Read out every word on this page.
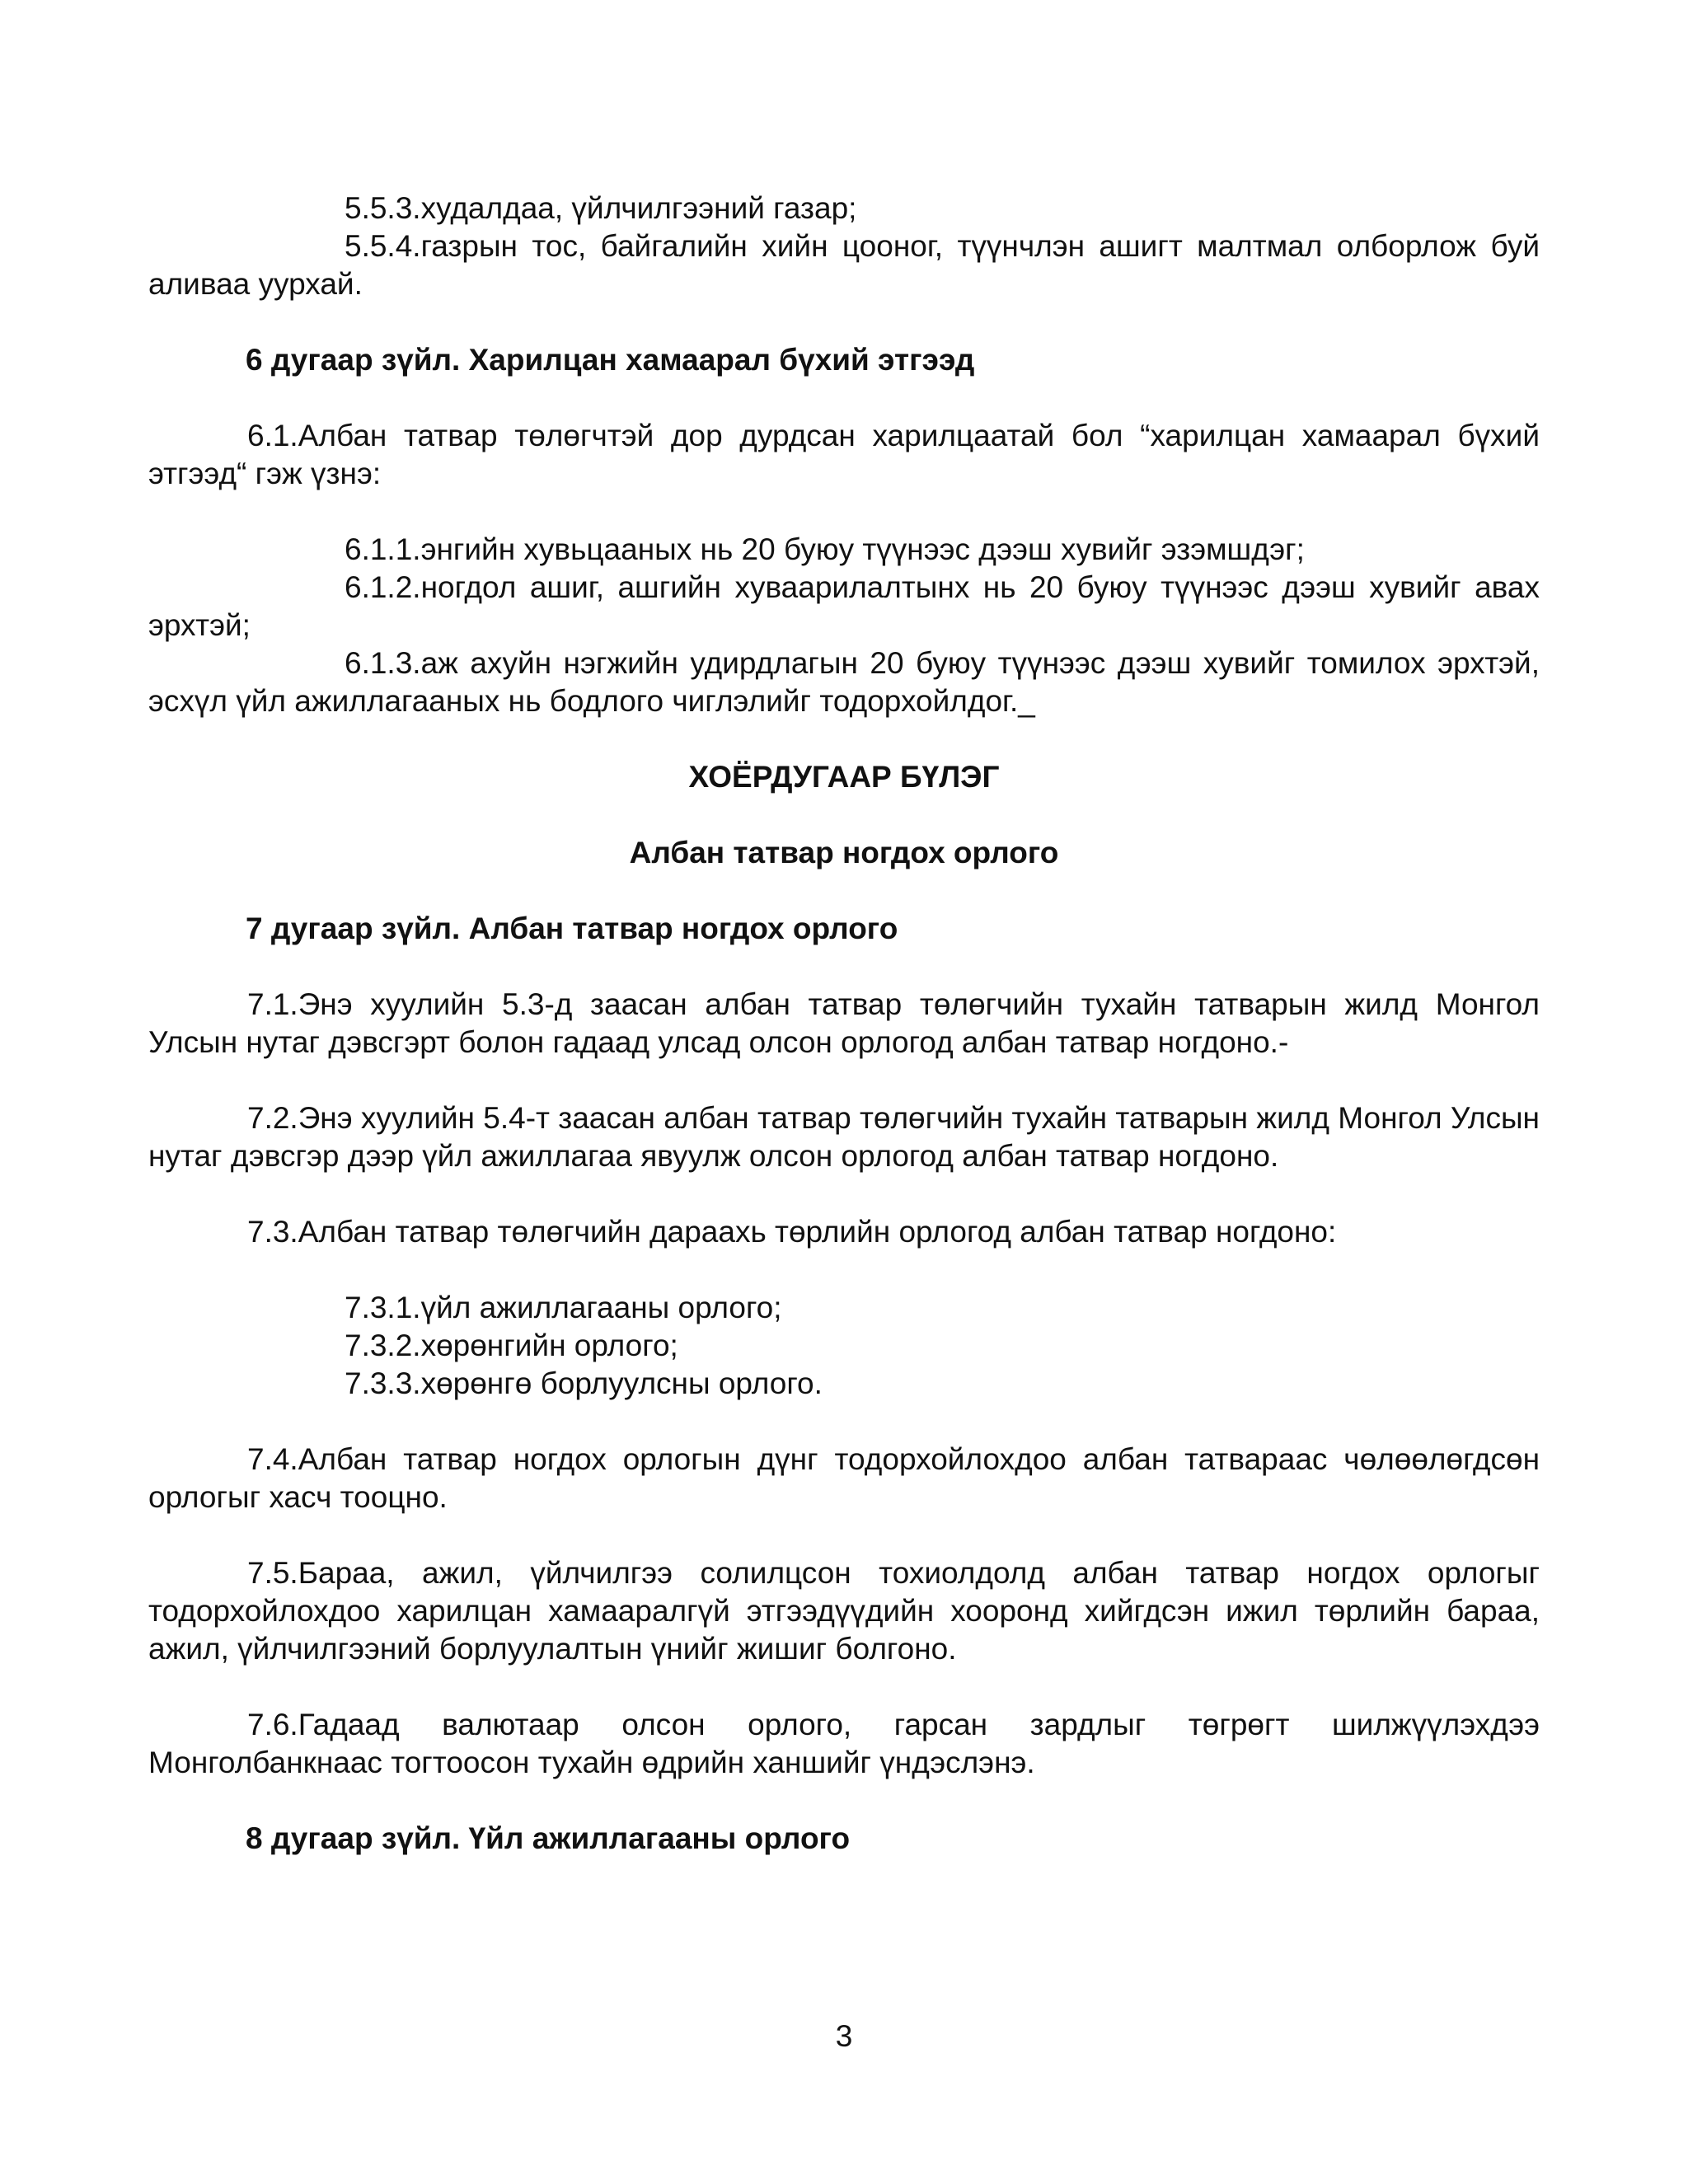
5.5.3.худалдаа, үйлчилгээний газар;

5.5.4.газрын тос, байгалийн хийн цооног, түүнчлэн ашигт малтмал олборлож буй аливаа уурхай.

6 дугаар зүйл. Харилцан хамаарал бүхий этгээд

6.1.Албан татвар төлөгчтэй дор дурдсан харилцаатай бол “харилцан хамаарал бүхий этгээд“ гэж үзнэ:

6.1.1.энгийн хувьцааных нь 20 буюу түүнээс дээш хувийг эзэмшдэг;

6.1.2.ногдол ашиг, ашгийн хуваарилалтынх нь 20 буюу түүнээс дээш хувийг авах эрхтэй;

6.1.3.аж ахуйн нэгжийн удирдлагын 20 буюу түүнээс дээш хувийг томилох эрхтэй, эсхүл үйл ажиллагааных нь бодлого чиглэлийг тодорхойлдог._

ХОЁРДУГААР БҮЛЭГ

Албан татвар ногдох орлого

7 дугаар зүйл. Албан татвар ногдох орлого

7.1.Энэ хуулийн 5.3-д заасан албан татвар төлөгчийн тухайн татварын жилд Монгол Улсын нутаг дэвсгэрт болон гадаад улсад олсон орлогод албан татвар ногдоно.-

7.2.Энэ хуулийн 5.4-т заасан албан татвар төлөгчийн тухайн татварын жилд Монгол Улсын нутаг дэвсгэр дээр үйл ажиллагаа явуулж олсон орлогод албан татвар ногдоно.

7.3.Албан татвар төлөгчийн дараахь төрлийн орлогод албан татвар ногдоно:

7.3.1.үйл ажиллагааны орлого;

7.3.2.хөрөнгийн орлого;

7.3.3.хөрөнгө борлуулсны орлого.

7.4.Албан татвар ногдох орлогын дүнг тодорхойлохдоо албан татвараас чөлөөлөгдсөн орлогыг хасч тооцно.

7.5.Бараа, ажил, үйлчилгээ солилцсон тохиолдолд албан татвар ногдох орлогыг тодорхойлохдоо харилцан хамааралгүй этгээдүүдийн хооронд хийгдсэн ижил төрлийн бараа, ажил, үйлчилгээний борлуулалтын үнийг жишиг болгоно.

7.6.Гадаад валютаар олсон орлого, гарсан зардлыг төгрөгт шилжүүлэхдээ Монголбанкнаас тогтоосон тухайн өдрийн ханшийг үндэслэнэ.

8 дугаар зүйл. Үйл ажиллагааны орлого

3
